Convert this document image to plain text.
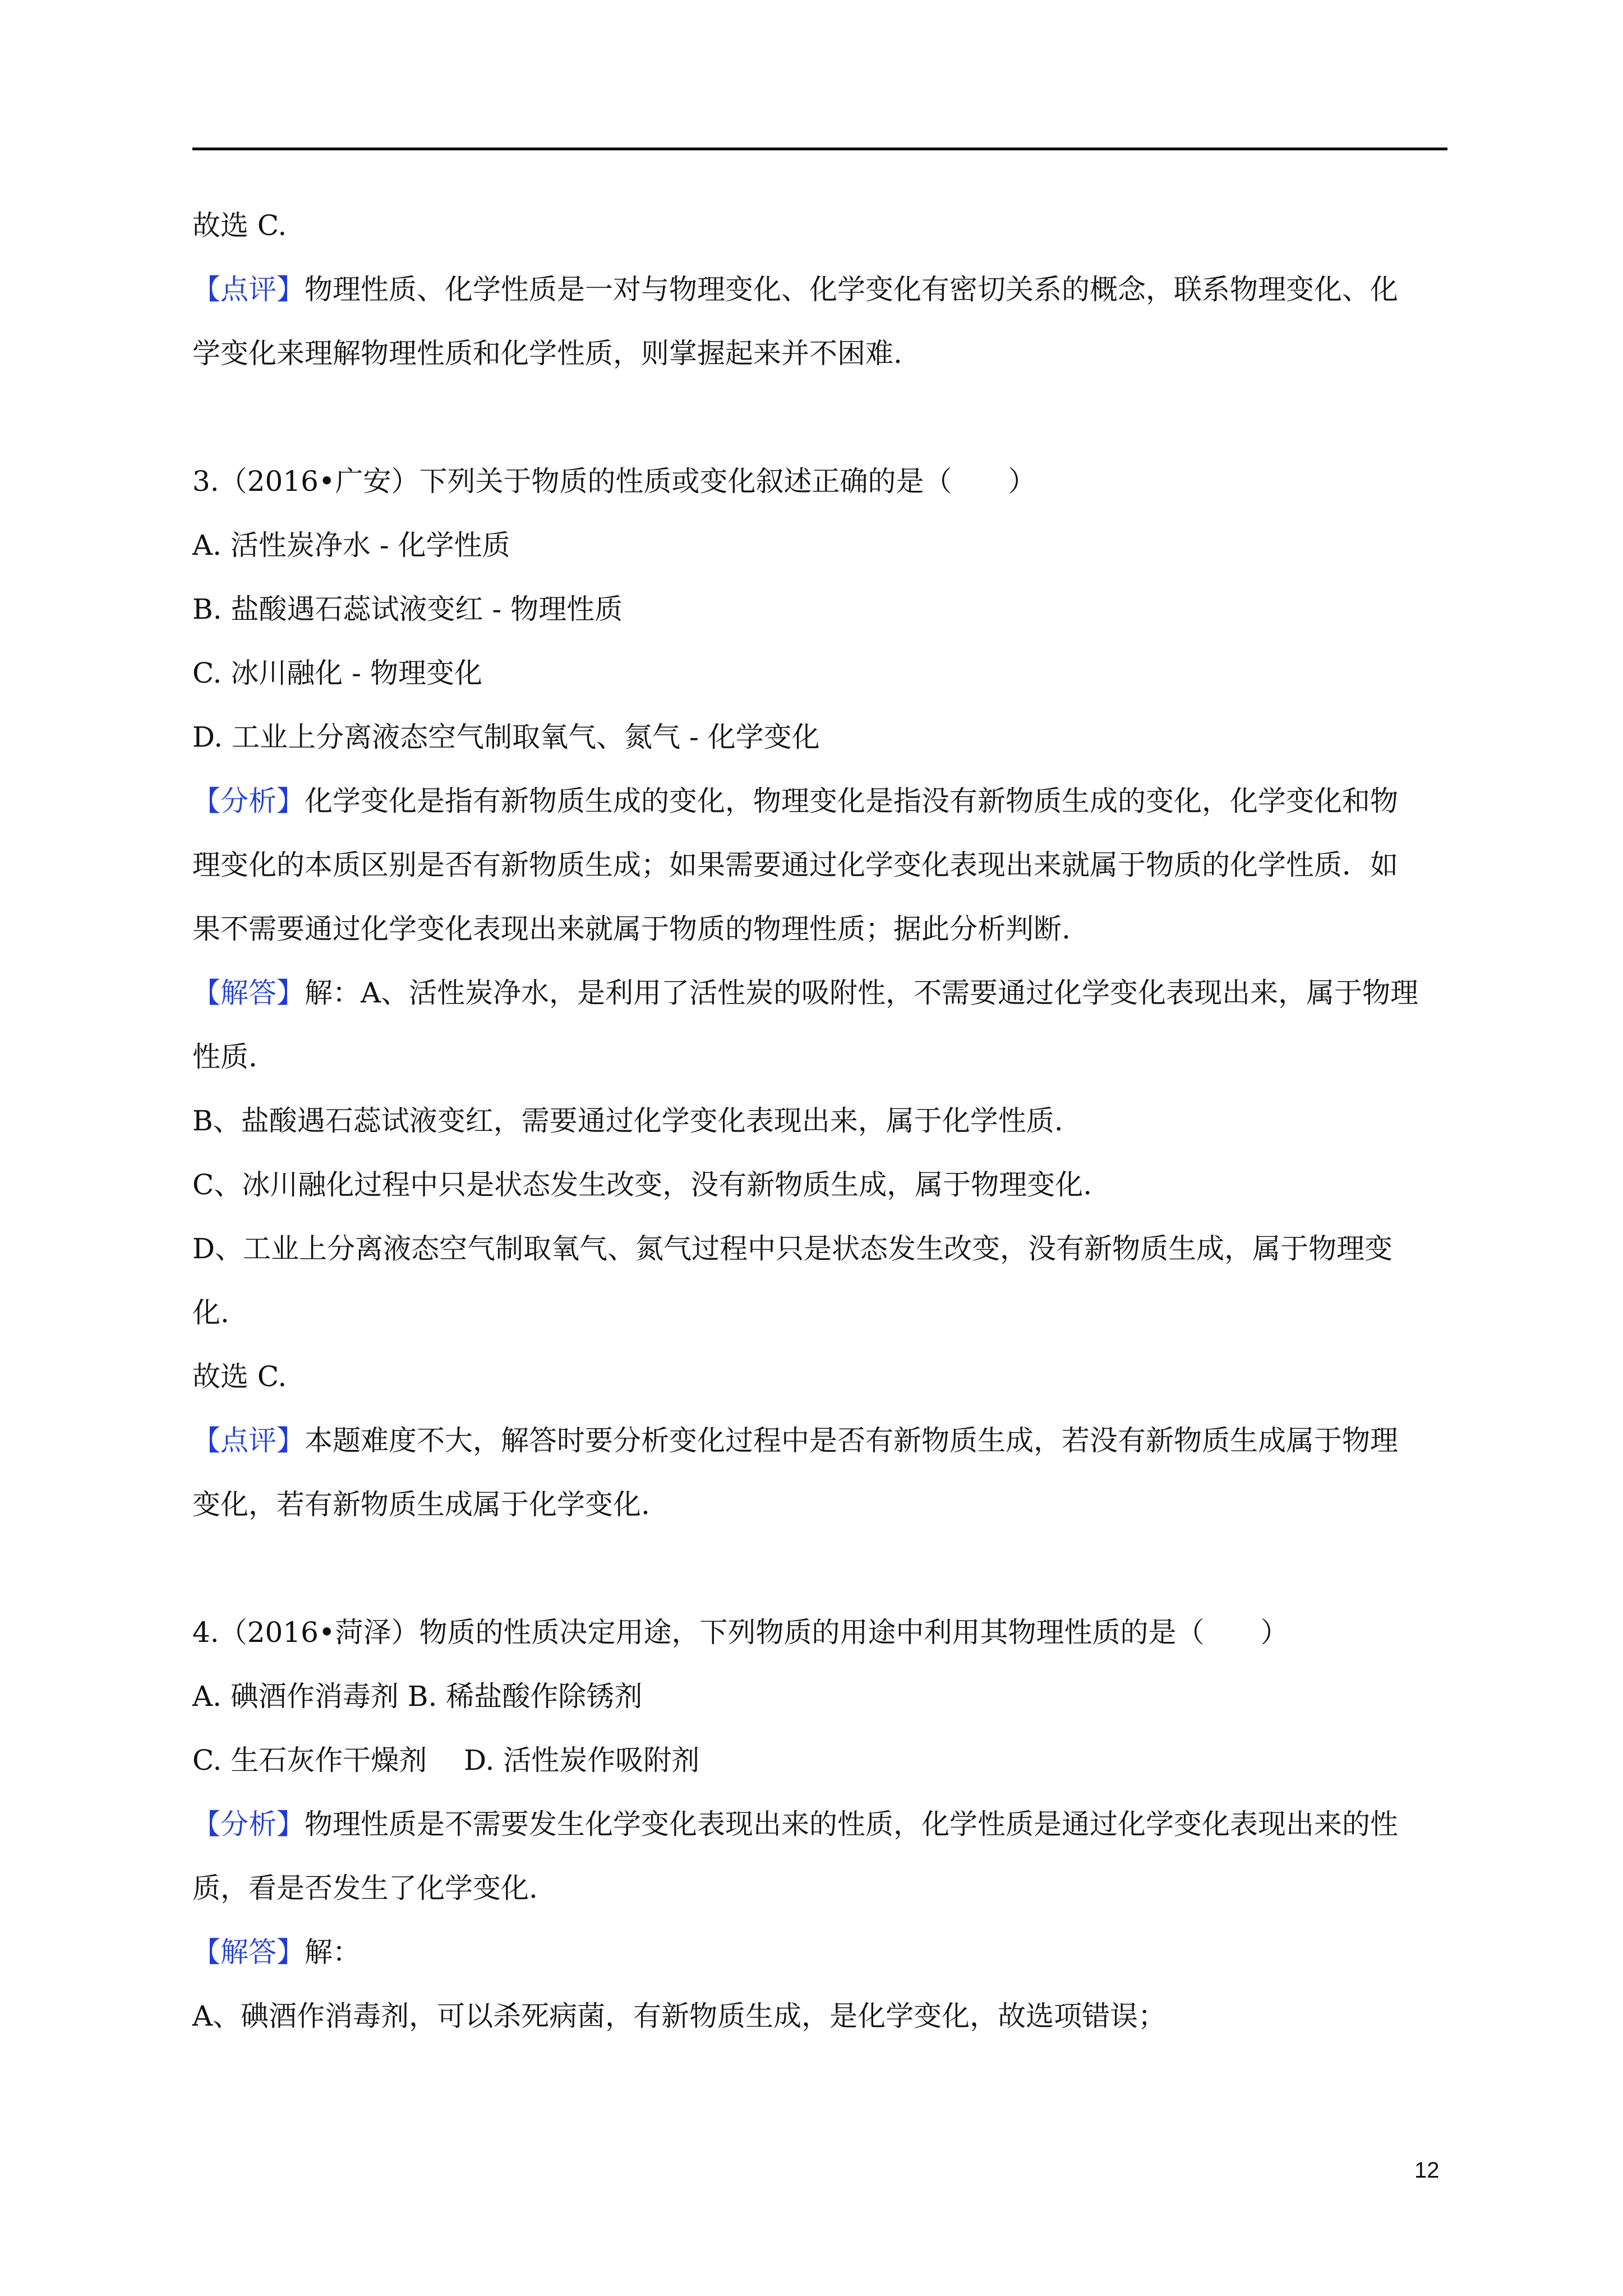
故选 C.
【点评】物理性质、化学性质是一对与物理变化、化学变化有密切关系的概念，联系物理变化、化
学变化来理解物理性质和化学性质，则掌握起来并不困难.
3.（2016•广安）下列关于物质的性质或变化叙述正确的是（　　）
A. 活性炭净水 - 化学性质
B. 盐酸遇石蕊试液变红 - 物理性质
C. 冰川融化 - 物理变化
D. 工业上分离液态空气制取氧气、氮气 - 化学变化
【分析】化学变化是指有新物质生成的变化，物理变化是指没有新物质生成的变化，化学变化和物
理变化的本质区别是否有新物质生成；如果需要通过化学变化表现出来就属于物质的化学性质．如
果不需要通过化学变化表现出来就属于物质的物理性质；据此分析判断.
【解答】解：A、活性炭净水，是利用了活性炭的吸附性，不需要通过化学变化表现出来，属于物理
性质.
B、盐酸遇石蕊试液变红，需要通过化学变化表现出来，属于化学性质.
C、冰川融化过程中只是状态发生改变，没有新物质生成，属于物理变化.
D、工业上分离液态空气制取氧气、氮气过程中只是状态发生改变，没有新物质生成，属于物理变
化.
故选 C.
【点评】本题难度不大，解答时要分析变化过程中是否有新物质生成，若没有新物质生成属于物理
变化，若有新物质生成属于化学变化.
4.（2016•菏泽）物质的性质决定用途，下列物质的用途中利用其物理性质的是（　　）
A. 碘酒作消毒剂 B. 稀盐酸作除锈剂
C. 生石灰作干燥剂　 D. 活性炭作吸附剂
【分析】物理性质是不需要发生化学变化表现出来的性质，化学性质是通过化学变化表现出来的性
质，看是否发生了化学变化.
【解答】解：
A、碘酒作消毒剂，可以杀死病菌，有新物质生成，是化学变化，故选项错误；
12
